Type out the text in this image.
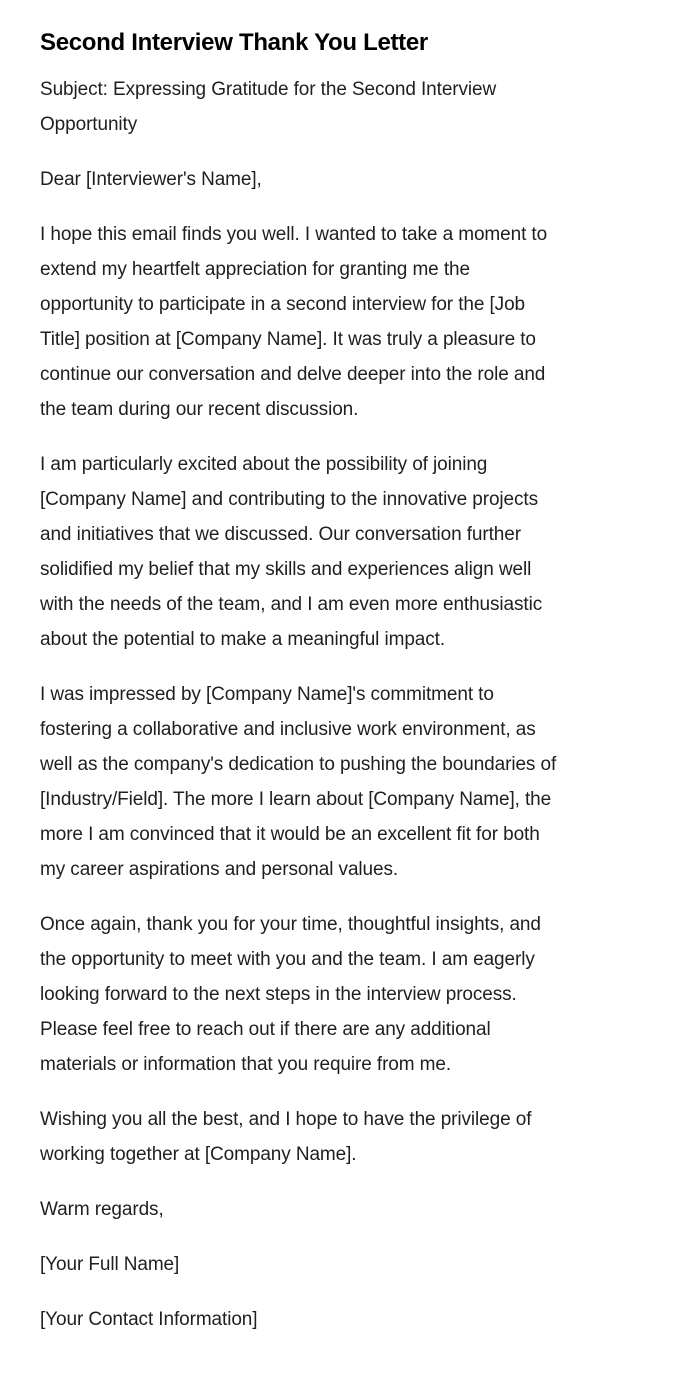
Second Interview Thank You Letter

Subject: Expressing Gratitude for the Second Interview
Opportunity

Dear [Interviewer's Name],

I hope this email finds you well. I wanted to take a moment to
extend my heartfelt appreciation for granting me the
opportunity to participate in a second interview for the [Job
Title] position at [Company Name]. It was truly a pleasure to
continue our conversation and delve deeper into the role and
the team during our recent discussion.

I am particularly excited about the possibility of joining
[Company Name] and contributing to the innovative projects
and initiatives that we discussed. Our conversation further
solidified my belief that my skills and experiences align well
with the needs of the team, and I am even more enthusiastic
about the potential to make a meaningful impact.

I was impressed by [Company Name]'s commitment to
fostering a collaborative and inclusive work environment, as
well as the company's dedication to pushing the boundaries of
[Industry/Field]. The more I learn about [Company Name], the
more I am convinced that it would be an excellent fit for both
my career aspirations and personal values.

Once again, thank you for your time, thoughtful insights, and
the opportunity to meet with you and the team. I am eagerly
looking forward to the next steps in the interview process.
Please feel free to reach out if there are any additional
materials or information that you require from me.

Wishing you all the best, and I hope to have the privilege of
working together at [Company Name].

Warm regards,

[Your Full Name]

[Your Contact Information]
